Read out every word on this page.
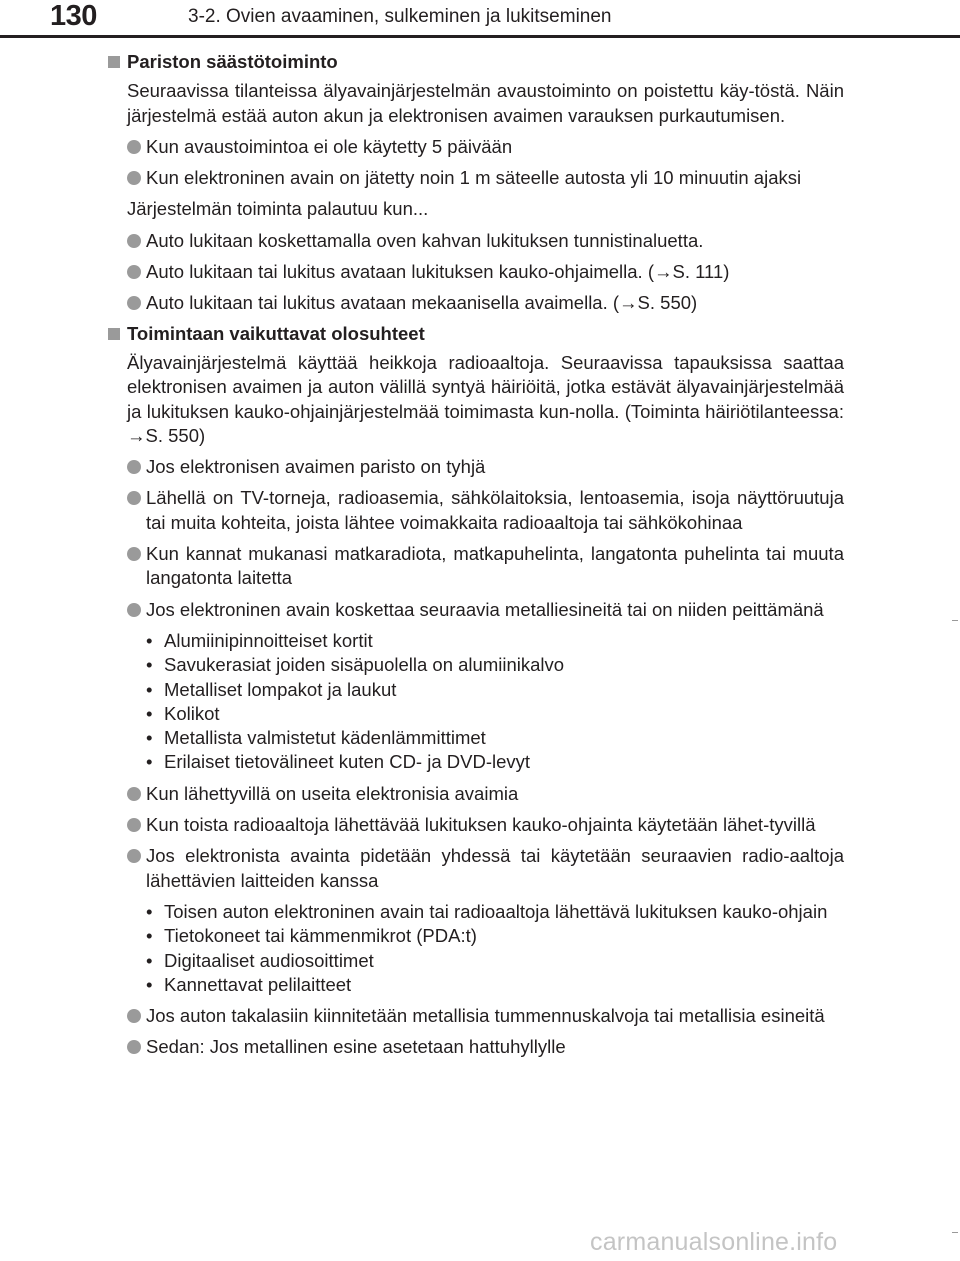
130	3-2. Ovien avaaminen, sulkeminen ja lukitseminen
Pariston säästötoiminto
Seuraavissa tilanteissa älyavainjärjestelmän avaustoiminto on poistettu käy-töstä. Näin järjestelmä estää auton akun ja elektronisen avaimen varauksen purkautumisen.
Kun avaustoimintoa ei ole käytetty 5 päivään
Kun elektroninen avain on jätetty noin 1 m säteelle autosta yli 10 minuutin ajaksi
Järjestelmän toiminta palautuu kun...
Auto lukitaan koskettamalla oven kahvan lukituksen tunnistinaluetta.
Auto lukitaan tai lukitus avataan lukituksen kauko-ohjaimella. (→S. 111)
Auto lukitaan tai lukitus avataan mekaanisella avaimella. (→S. 550)
Toimintaan vaikuttavat olosuhteet
Älyavainjärjestelmä käyttää heikkoja radioaaltoja. Seuraavissa tapauksissa saattaa elektronisen avaimen ja auton välillä syntyä häiriöitä, jotka estävät älyavainjärjestelmää ja lukituksen kauko-ohjainjärjestelmää toimimasta kun-nolla. (Toiminta häiriötilanteessa: →S. 550)
Jos elektronisen avaimen paristo on tyhjä
Lähellä on TV-torneja, radioasemia, sähkölaitoksia, lentoasemia, isoja näyttöruutuja tai muita kohteita, joista lähtee voimakkaita radioaaltoja tai sähkökohinaa
Kun kannat mukanasi matkaradiota, matkapuhelinta, langatonta puhelinta tai muuta langatonta laitetta
Jos elektroninen avain koskettaa seuraavia metalliesineitä tai on niiden peittämänä
• Alumiinipinnoitteiset kortit
• Savukerasiat joiden sisäpuolella on alumiinikalvo
• Metalliset lompakot ja laukut
• Kolikot
• Metallista valmistetut kädenlämmittimet
• Erilaiset tietovälineet kuten CD- ja DVD-levyt
Kun lähettyvillä on useita elektronisia avaimia
Kun toista radioaaltoja lähettävää lukituksen kauko-ohjainta käytetään lähet-tyvillä
Jos elektronista avainta pidetään yhdessä tai käytetään seuraavien radio-aaltoja lähettävien laitteiden kanssa
• Toisen auton elektroninen avain tai radioaaltoja lähettävä lukituksen kauko-ohjain
• Tietokoneet tai kämmenmikrot (PDA:t)
• Digitaaliset audiosoittimet
• Kannettavat pelilaitteet
Jos auton takalasiin kiinnitetään metallisia tummennuskalvoja tai metallisia esineitä
Sedan: Jos metallinen esine asetetaan hattuhyllylle
carmanualsonline.info
